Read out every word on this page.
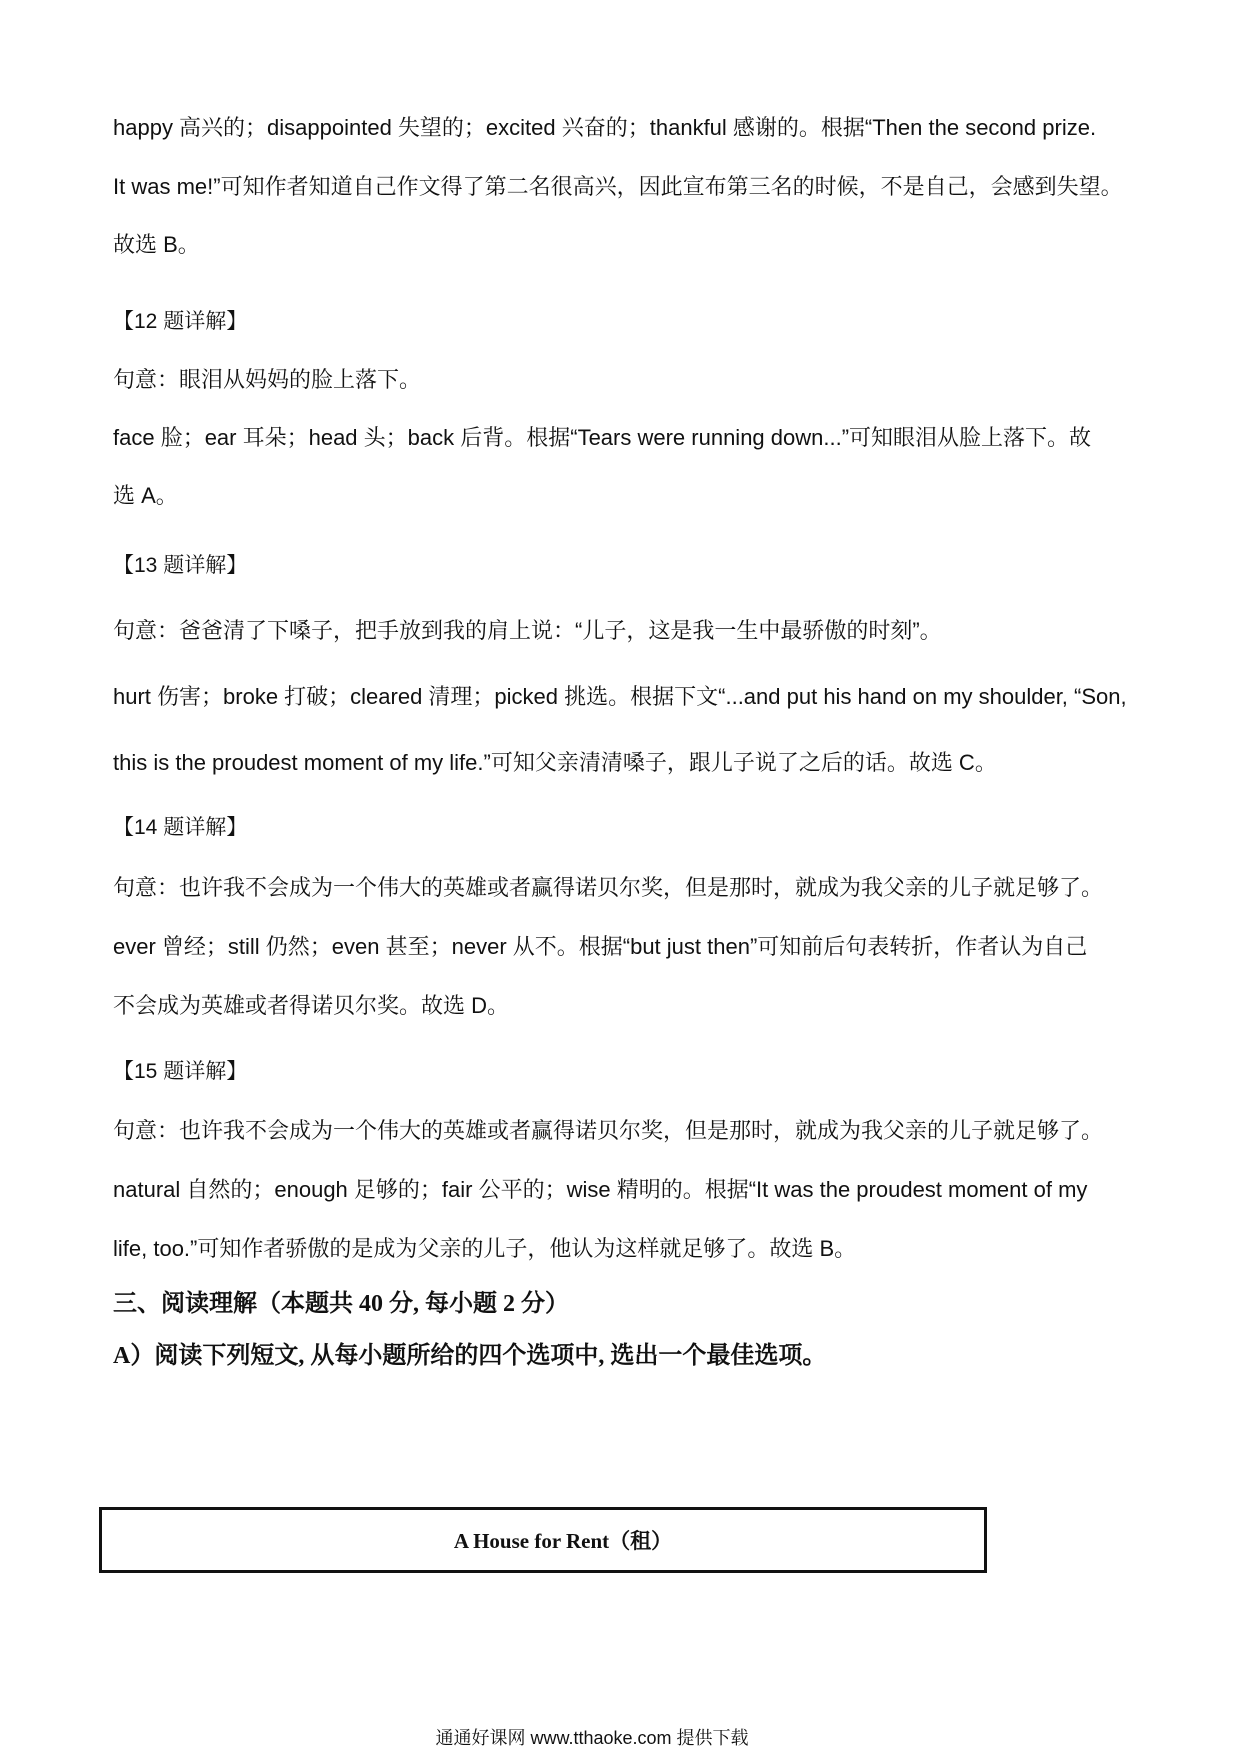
happy 高兴的；disappointed 失望的；excited 兴奋的；thankful 感谢的。根据“Then the second prize.
It was me!”可知作者知道自己作文得了第二名很高兴，因此宣布第三名的时候，不是自己，会感到失望。
故选 B。
【12 题详解】
句意：眼泪从妈妈的脸上落下。
face 脸；ear 耳朵；head 头；back 后背。根据“Tears were running down...”可知眼泪从脸上落下。故
选 A。
【13 题详解】
句意：爸爸清了下嗓子，把手放到我的肩上说：“儿子，这是我一生中最骄傲的时刻”。
hurt 伤害；broke 打破；cleared 清理；picked 挑选。根据下文“...and put his hand on my shoulder, “Son,
this is the proudest moment of my life.”可知父亲清清嗓子，跟儿子说了之后的话。故选 C。
【14 题详解】
句意：也许我不会成为一个伟大的英雄或者赢得诺贝尔奖，但是那时，就成为我父亲的儿子就足够了。
ever 曾经；still 仍然；even 甚至；never 从不。根据“but just then”可知前后句表转折，作者认为自己
不会成为英雄或者得诺贝尔奖。故选 D。
【15 题详解】
句意：也许我不会成为一个伟大的英雄或者赢得诺贝尔奖，但是那时，就成为我父亲的儿子就足够了。
natural 自然的；enough 足够的；fair 公平的；wise 精明的。根据“It was the proudest moment of my
life, too.”可知作者骄傲的是成为父亲的儿子，他认为这样就足够了。故选 B。
三、阅读理解（本题共 40 分, 每小题 2 分）
A）阅读下列短文, 从每小题所给的四个选项中, 选出一个最佳选项。
A House for Rent（租）
通通好课网 www.tthaoke.com 提供下载
